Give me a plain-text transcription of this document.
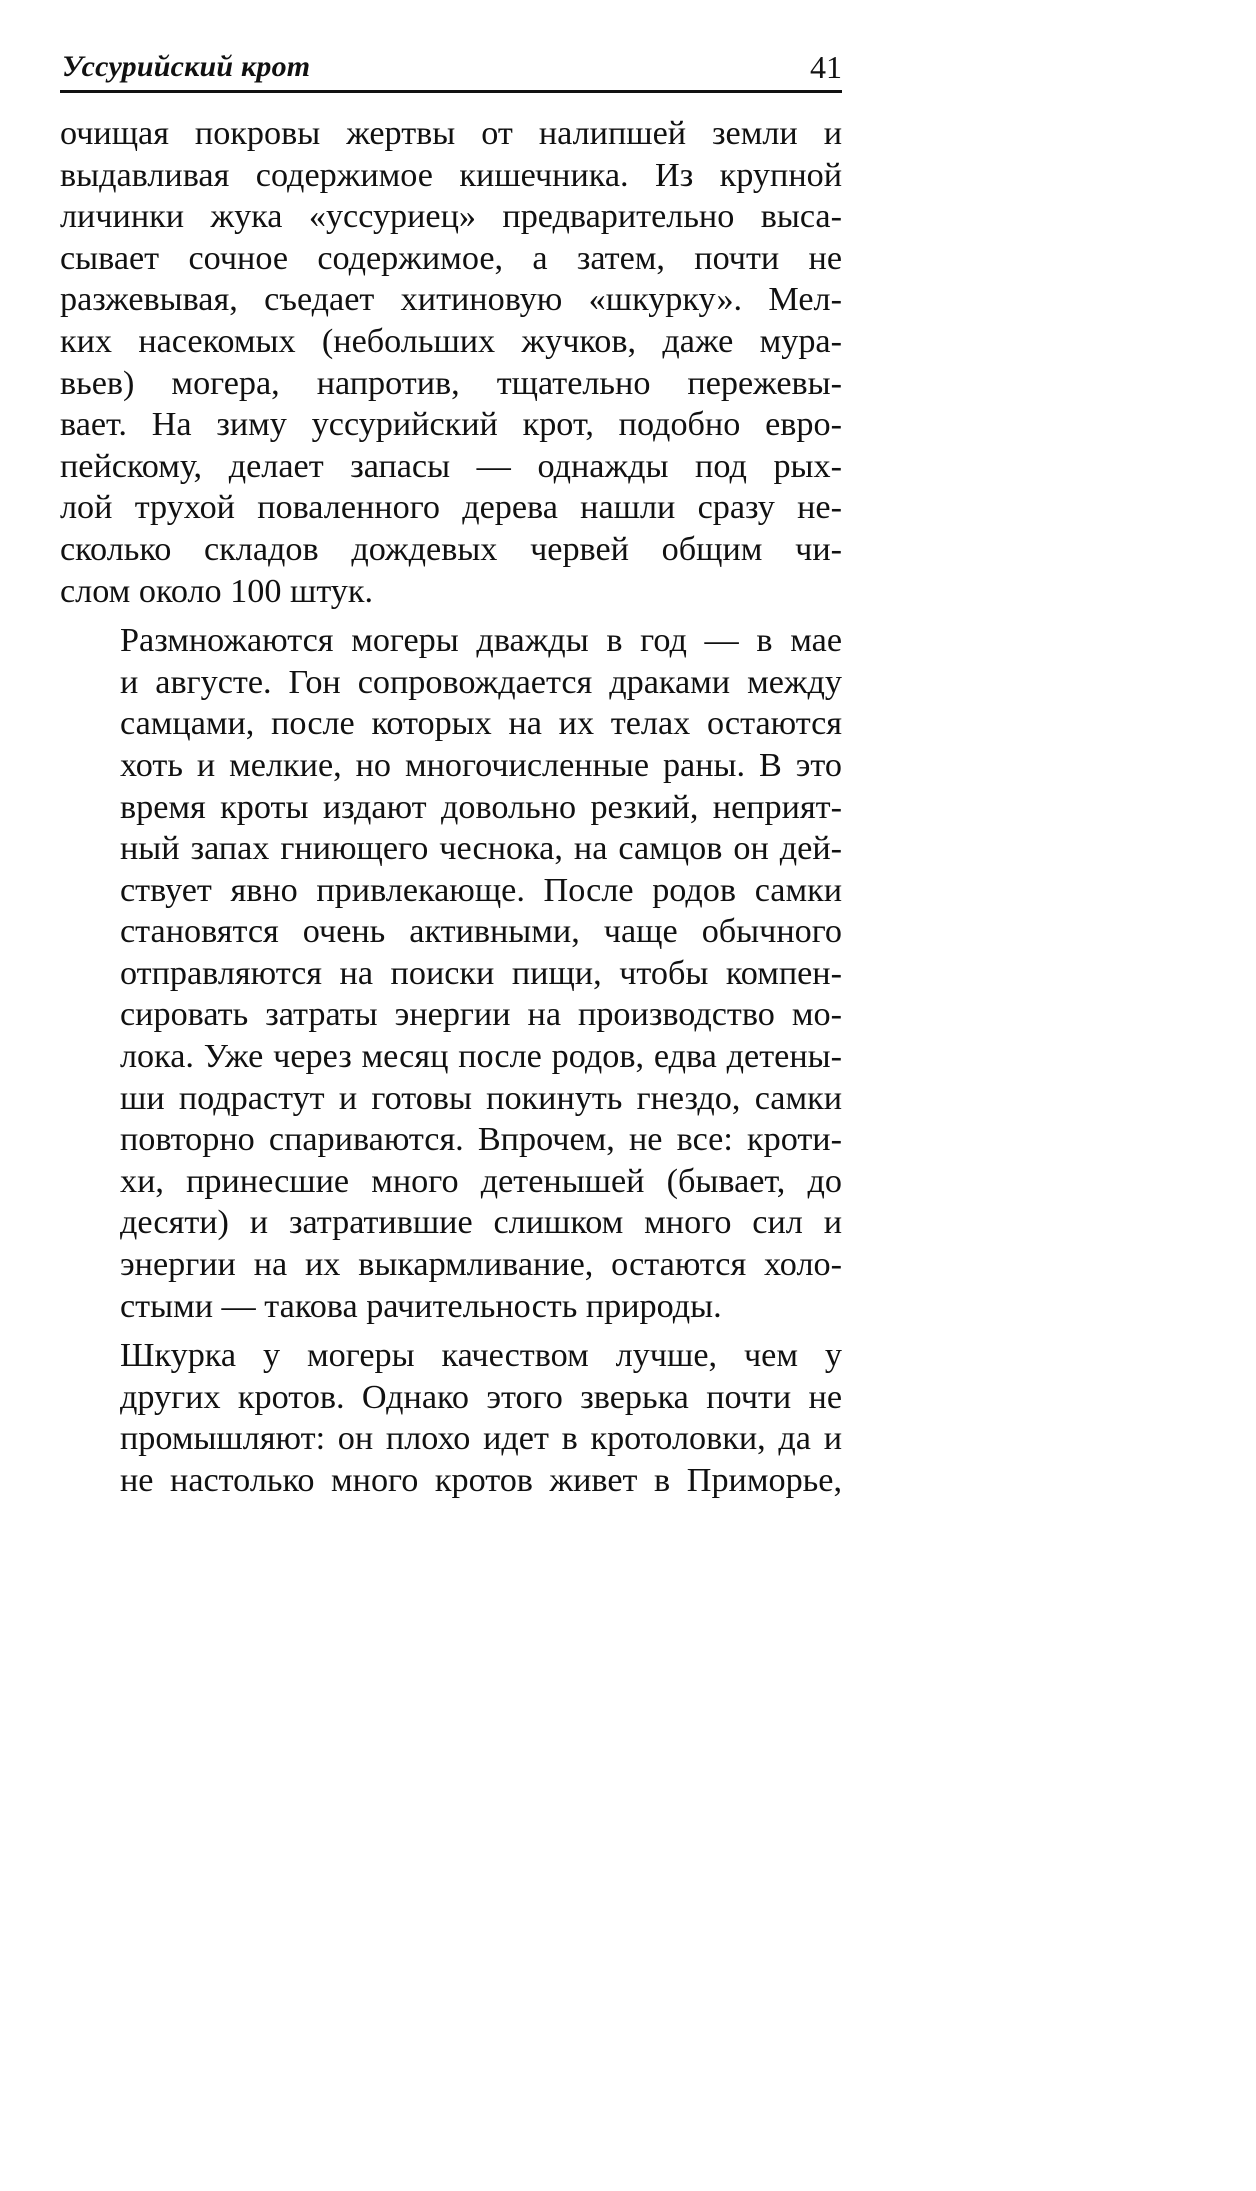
Уссурийский крот	41

очищая покровы жертвы от налипшей земли и
выдавливая содержимое кишечника. Из крупной
личинки жука «уссуриец» предварительно выса-
сывает сочное содержимое, а затем, почти не
разжевывая, съедает хитиновую «шкурку». Мел-
ких насекомых (небольших жучков, даже мура-
вьев) могера, напротив, тщательно пережевы-
вает. На зиму уссурийский крот, подобно евро-
пейскому, делает запасы — однажды под рых-
лой трухой поваленного дерева нашли сразу не-
сколько складов дождевых червей общим чи-
слом около 100 штук.

Размножаются могеры дважды в год — в мае
и августе. Гон сопровождается драками между
самцами, после которых на их телах остаются
хоть и мелкие, но многочисленные раны. В это
время кроты издают довольно резкий, неприят-
ный запах гниющего чеснока, на самцов он дей-
ствует явно привлекающе. После родов самки
становятся очень активными, чаще обычного
отправляются на поиски пищи, чтобы компен-
сировать затраты энергии на производство мо-
лока. Уже через месяц после родов, едва детены-
ши подрастут и готовы покинуть гнездо, самки
повторно спариваются. Впрочем, не все: кроти-
хи, принесшие много детенышей (бывает, до
десяти) и затратившие слишком много сил и
энергии на их выкармливание, остаются холо-
стыми — такова рачительность природы.

Шкурка у могеры качеством лучше, чем у
других кротов. Однако этого зверька почти не
промышляют: он плохо идет в кротоловки, да и
не настолько много кротов живет в Приморье,
